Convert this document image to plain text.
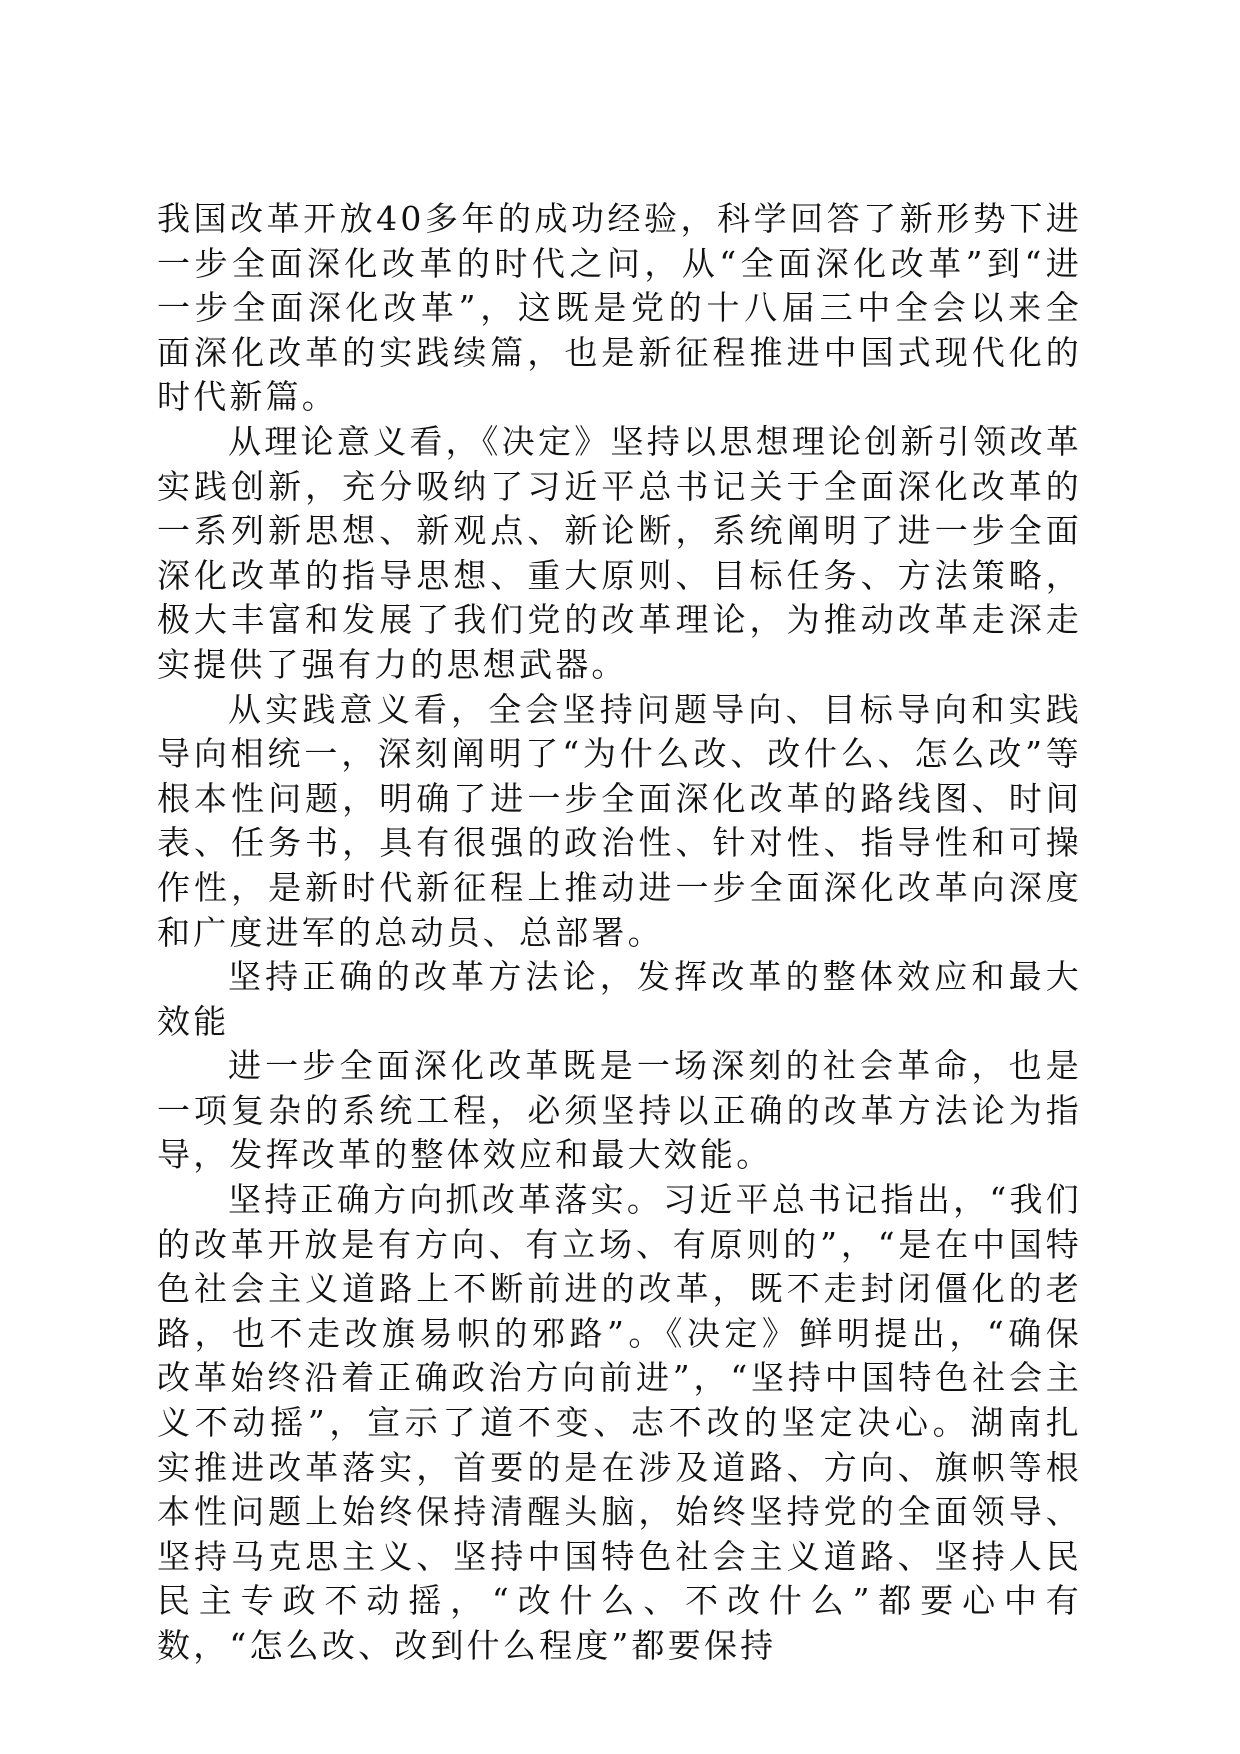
我国改革开放40多年的成功经验，科学回答了新形势下进一步全面深化改革的时代之问，从“全面深化改革”到“进一步全面深化改革”，这既是党的十八届三中全会以来全面深化改革的实践续篇，也是新征程推进中国式现代化的时代新篇。

从理论意义看，《决定》坚持以思想理论创新引领改革实践创新，充分吸纳了习近平总书记关于全面深化改革的一系列新思想、新观点、新论断，系统阐明了进一步全面深化改革的指导思想、重大原则、目标任务、方法策略，极大丰富和发展了我们党的改革理论，为推动改革走深走实提供了强有力的思想武器。

从实践意义看，全会坚持问题导向、目标导向和实践导向相统一，深刻阐明了“为什么改、改什么、怎么改”等根本性问题，明确了进一步全面深化改革的路线图、时间表、任务书，具有很强的政治性、针对性、指导性和可操作性，是新时代新征程上推动进一步全面深化改革向深度和广度进军的总动员、总部署。

坚持正确的改革方法论，发挥改革的整体效应和最大效能

进一步全面深化改革既是一场深刻的社会革命，也是一项复杂的系统工程，必须坚持以正确的改革方法论为指导，发挥改革的整体效应和最大效能。

坚持正确方向抓改革落实。习近平总书记指出，“我们的改革开放是有方向、有立场、有原则的”，“是在中国特色社会主义道路上不断前进的改革，既不走封闭僵化的老路，也不走改旗易帜的邪路”。《决定》鲜明提出，“确保改革始终沿着正确政治方向前进”，“坚持中国特色社会主义不动摇”，宣示了道不变、志不改的坚定决心。湖南扎实推进改革落实，首要的是在涉及道路、方向、旗帜等根本性问题上始终保持清醒头脑，始终坚持党的全面领导、坚持马克思主义、坚持中国特色社会主义道路、坚持人民民主专政不动摇，“改什么、不改什么”都要心中有数，“怎么改、改到什么程度”都要保持
